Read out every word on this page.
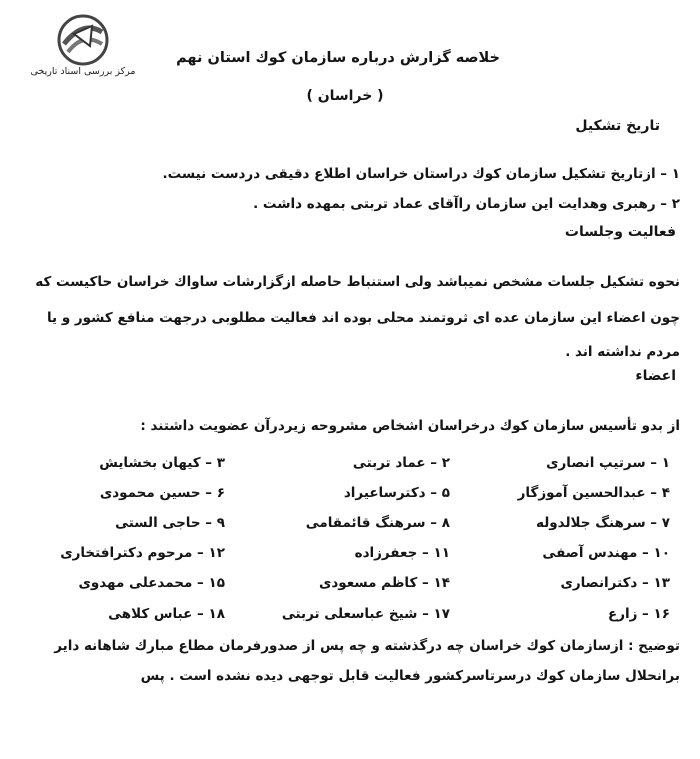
مرکز بررسی اسناد تاریخی
خلاصه گزارش درباره سازمان کوك استان نهم
( خراسان )
تاریخ تشکیل
۱ – ازتاریخ تشکیل سازمان کوك دراستان خراسان اطلاع دقیقی دردست نیست.
۲ – رهبری وهدایت این سازمان راآقای عماد تربتی بمهده داشت .
فعالیت وجلسات
نحوه تشکیل جلسات مشخص نمیباشد ولی استنباط حاصله ازگزارشات ساواك خراسان حاکیست که
چون اعضاء این سازمان عده ای ثروتمند محلی بوده اند فعالیت مطلوبی درجهت منافع کشور و یا
مردم نداشته اند .
اعضاء
از بدو تأسیس سازمان کوك درخراسان اشخاص مشروحه زیردرآن عضویت داشتند :
۱ – سرتیپ انصاری
۲ – عماد تربتی
۳ – کیهان بخشایش
۴ – عبدالحسین آموزگار
۵ – دکترساعیراد
۶ – حسین محمودی
۷ – سرهنگ جلالدوله
۸ – سرهنگ قائمقامی
۹ – حاجی الستی
۱۰ – مهندس آصفی
۱۱ – جعفرزاده
۱۲ – مرحوم دکترافتخاری
۱۳ – دکترانصاری
۱۴ – کاظم مسعودی
۱۵ – محمدعلی مهدوی
۱۶ – زارع
۱۷ – شیخ عباسعلی تربتی
۱۸ – عباس کلاهی
توضیح : ازسازمان کوك خراسان چه درگذشته و چه پس از صدورفرمان مطاع مبارك شاهانه دایر
برانحلال سازمان کوك درسرتاسرکشور فعالیت قابل توجهی دیده نشده است . پس
